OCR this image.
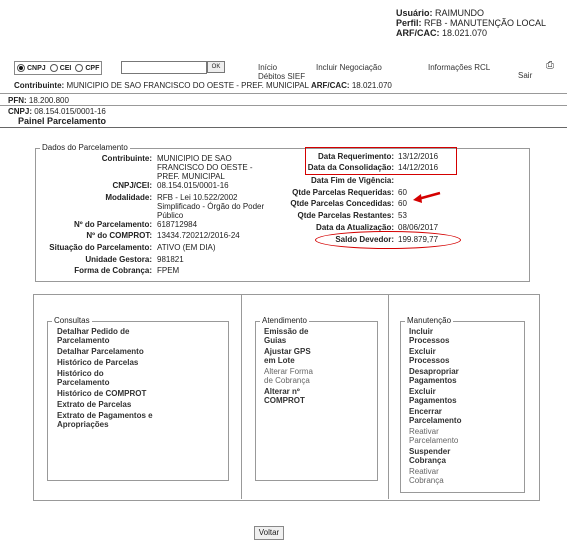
Usuário: RAIMUNDO
Perfil: RFB - MANUTENÇÃO LOCAL
ARF/CAC: 18.021.070
CNPJ CEI CPF	OK	Início
Débitos SIEF
Incluir Negociação	Informações RCL
Sair
⎙
Contribuinte: MUNICIPIO DE SAO FRANCISCO DO OESTE - PREF. MUNICIPAL ARF/CAC: 18.021.070
PFN: 18.200.800
CNPJ: 08.154.015/0001-16
Painel Parcelamento
Dados do Parcelamento
Contribuinte: MUNICIPIO DE SAO FRANCISCO DO OESTE - PREF. MUNICIPAL
CNPJ/CEI: 08.154.015/0001-16
Modalidade: RFB - Lei 10.522/2002 Simplificado - Órgão do Poder Público
Nº do Parcelamento: 618712984
Nº do COMPROT: 13434.720212/2016-24
Situação do Parcelamento: ATIVO (EM DIA)
Unidade Gestora: 981821
Forma de Cobrança: FPEM
Data Requerimento: 13/12/2016
Data da Consolidação: 14/12/2016
Data Fim de Vigência:
Qtde Parcelas Requeridas: 60
Qtde Parcelas Concedidas: 60
Qtde Parcelas Restantes: 53
Data da Atualização: 08/06/2017
Saldo Devedor: 199.879,77
Consultas
Detalhar Pedido de Parcelamento
Detalhar Parcelamento
Histórico de Parcelas
Histórico do Parcelamento
Histórico de COMPROT
Extrato de Parcelas
Extrato de Pagamentos e Apropriações
Atendimento
Emissão de Guias
Ajustar GPS em Lote
Alterar Forma de Cobrança
Alterar nº COMPROT
Manutenção
Incluir Processos
Excluir Processos
Desapropriar Pagamentos
Excluir Pagamentos
Encerrar Parcelamento
Reativar Parcelamento
Suspender Cobrança
Reativar Cobrança
Voltar
